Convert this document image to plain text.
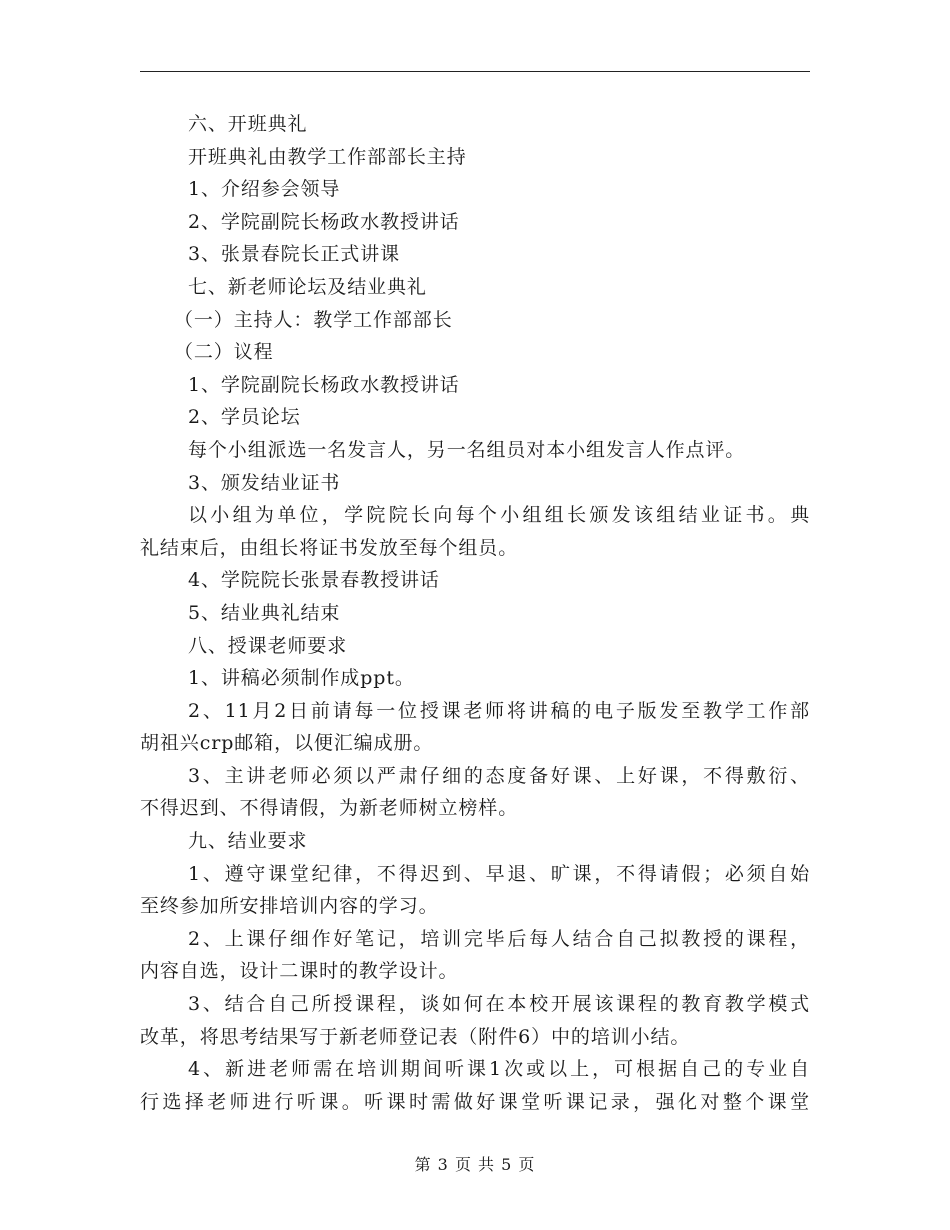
六、开班典礼
开班典礼由教学工作部部长主持
1、介绍参会领导
2、学院副院长杨政水教授讲话
3、张景春院长正式讲课
七、新老师论坛及结业典礼
（一）主持人：教学工作部部长
（二）议程
1、学院副院长杨政水教授讲话
2、学员论坛
每个小组派选一名发言人，另一名组员对本小组发言人作点评。
3、颁发结业证书
以小组为单位，学院院长向每个小组组长颁发该组结业证书。典
礼结束后，由组长将证书发放至每个组员。
4、学院院长张景春教授讲话
5、结业典礼结束
八、授课老师要求
1、讲稿必须制作成ppt。
2、11月2日前请每一位授课老师将讲稿的电子版发至教学工作部
胡祖兴crp邮箱，以便汇编成册。
3、主讲老师必须以严肃仔细的态度备好课、上好课，不得敷衍、
不得迟到、不得请假，为新老师树立榜样。
九、结业要求
1、遵守课堂纪律，不得迟到、早退、旷课，不得请假；必须自始
至终参加所安排培训内容的学习。
2、上课仔细作好笔记，培训完毕后每人结合自己拟教授的课程，
内容自选，设计二课时的教学设计。
3、结合自己所授课程，谈如何在本校开展该课程的教育教学模式
改革，将思考结果写于新老师登记表（附件6）中的培训小结。
4、新进老师需在培训期间听课1次或以上，可根据自己的专业自
行选择老师进行听课。听课时需做好课堂听课记录，强化对整个课堂
第 3 页 共 5 页
